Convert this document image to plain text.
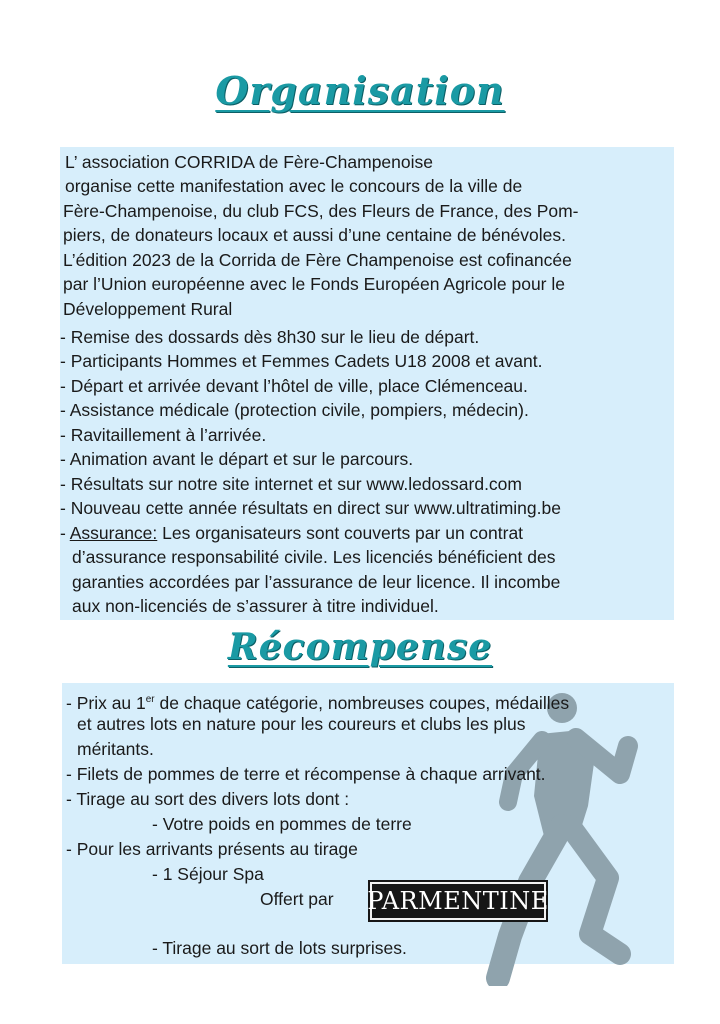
Organisation
L’ association CORRIDA de Fère-Champenoise
organise cette manifestation avec le concours de la ville de
Fère-Champenoise, du club FCS, des Fleurs de France, des Pom-
piers, de donateurs locaux et aussi d’une centaine de bénévoles.
L’édition 2023 de la Corrida de Fère Champenoise est cofinancée
par l’Union européenne avec le Fonds Européen Agricole pour le
Développement Rural
- Remise des dossards dès 8h30 sur le lieu de départ.
- Participants Hommes et Femmes Cadets U18 2008 et avant.
- Départ et arrivée devant l’hôtel de ville, place Clémenceau.
- Assistance médicale (protection civile, pompiers, médecin).
- Ravitaillement à l’arrivée.
- Animation avant le départ et sur le parcours.
- Résultats sur notre site internet et sur www.ledossard.com
- Nouveau cette année résultats en direct sur www.ultratiming.be
- Assurance: Les organisateurs sont couverts par un contrat
d’assurance responsabilité civile. Les licenciés bénéficient des
garanties accordées par l’assurance de leur licence. Il incombe
aux non-licenciés de s’assurer à titre individuel.
Récompense
- Prix au 1er de chaque catégorie, nombreuses coupes, médailles
et autres lots en nature pour les coureurs et clubs les plus
méritants.
- Filets de pommes de terre et récompense à chaque arrivant.
- Tirage au sort des divers lots dont :
- Votre poids en pommes de terre
- Pour les arrivants présents au tirage
- 1 Séjour Spa
Offert par PARMENTINE
- Tirage au sort de lots surprises.
